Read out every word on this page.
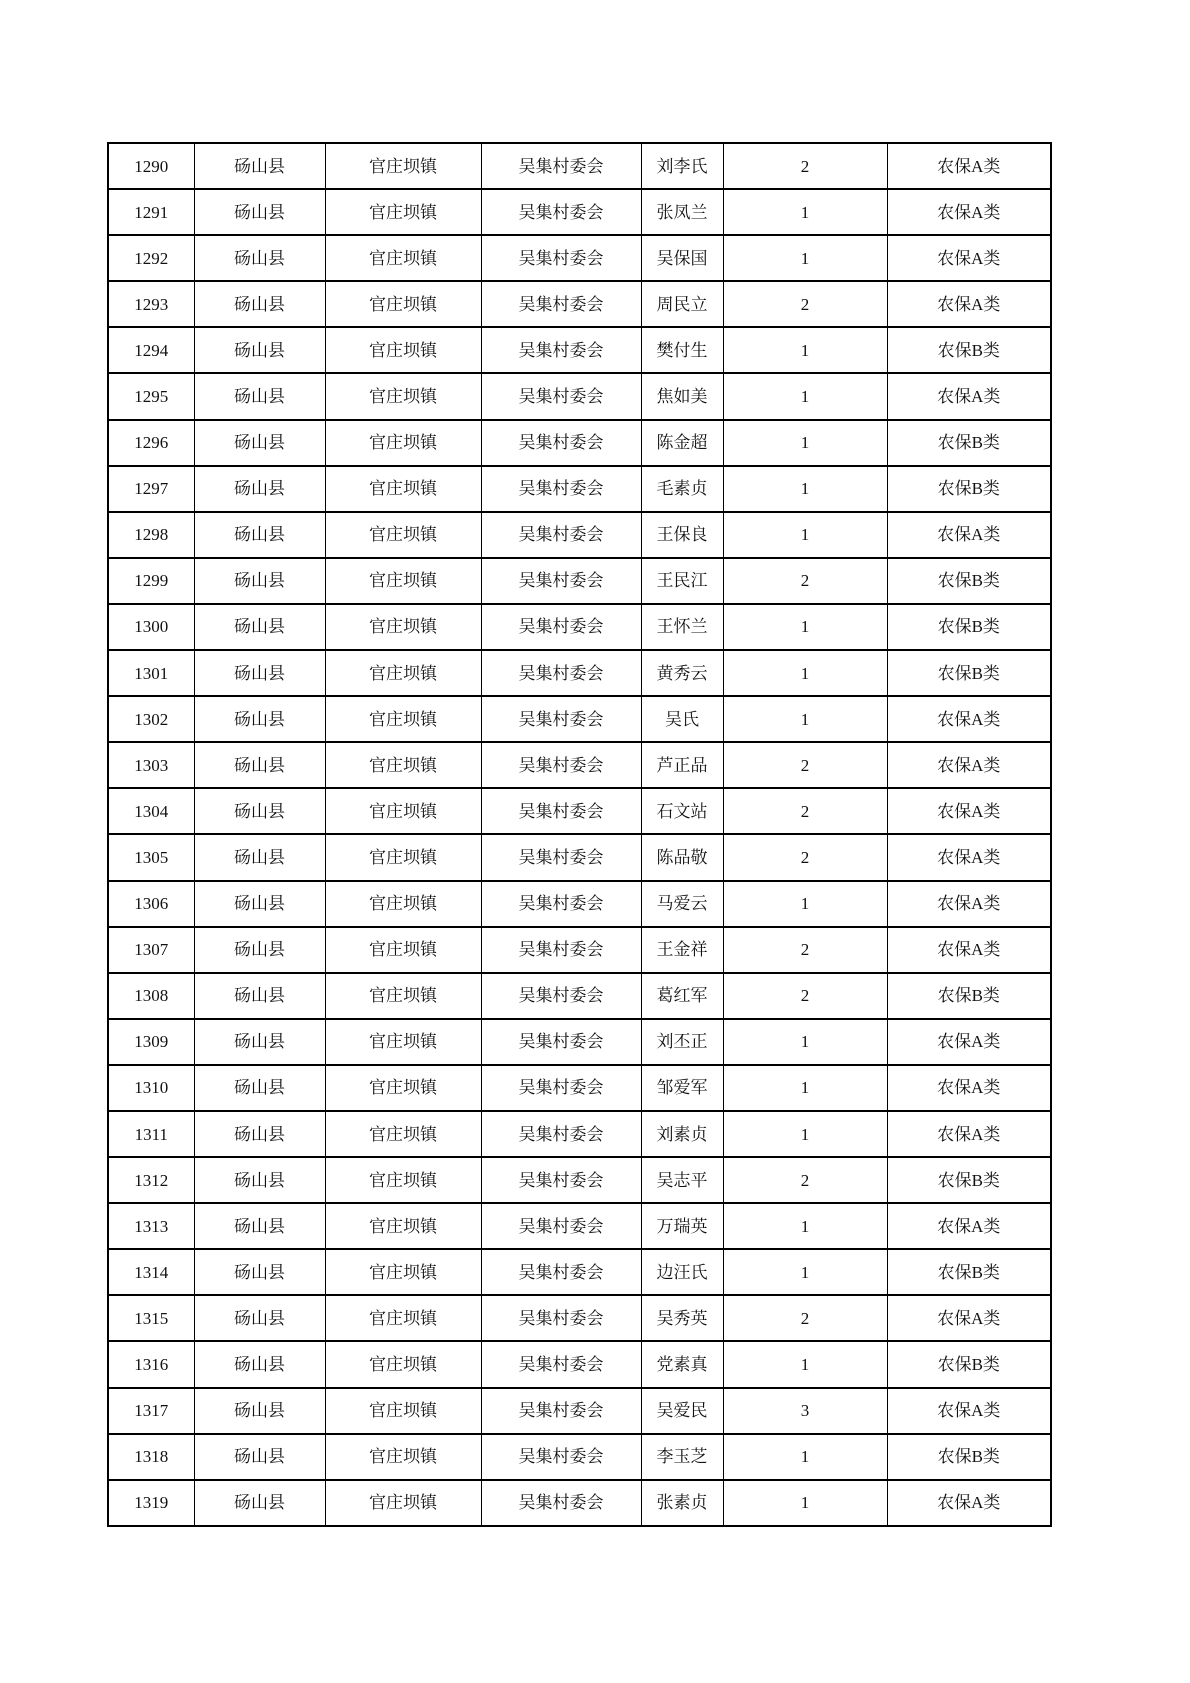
1290	砀山县	官庄坝镇	吴集村委会	刘李氏	2	农保A类
1291	砀山县	官庄坝镇	吴集村委会	张凤兰	1	农保A类
1292	砀山县	官庄坝镇	吴集村委会	吴保国	1	农保A类
1293	砀山县	官庄坝镇	吴集村委会	周民立	2	农保A类
1294	砀山县	官庄坝镇	吴集村委会	樊付生	1	农保B类
1295	砀山县	官庄坝镇	吴集村委会	焦如美	1	农保A类
1296	砀山县	官庄坝镇	吴集村委会	陈金超	1	农保B类
1297	砀山县	官庄坝镇	吴集村委会	毛素贞	1	农保B类
1298	砀山县	官庄坝镇	吴集村委会	王保良	1	农保A类
1299	砀山县	官庄坝镇	吴集村委会	王民江	2	农保B类
1300	砀山县	官庄坝镇	吴集村委会	王怀兰	1	农保B类
1301	砀山县	官庄坝镇	吴集村委会	黄秀云	1	农保B类
1302	砀山县	官庄坝镇	吴集村委会	吴氏	1	农保A类
1303	砀山县	官庄坝镇	吴集村委会	芦正品	2	农保A类
1304	砀山县	官庄坝镇	吴集村委会	石文站	2	农保A类
1305	砀山县	官庄坝镇	吴集村委会	陈品敬	2	农保A类
1306	砀山县	官庄坝镇	吴集村委会	马爱云	1	农保A类
1307	砀山县	官庄坝镇	吴集村委会	王金祥	2	农保A类
1308	砀山县	官庄坝镇	吴集村委会	葛红军	2	农保B类
1309	砀山县	官庄坝镇	吴集村委会	刘丕正	1	农保A类
1310	砀山县	官庄坝镇	吴集村委会	邹爱军	1	农保A类
1311	砀山县	官庄坝镇	吴集村委会	刘素贞	1	农保A类
1312	砀山县	官庄坝镇	吴集村委会	吴志平	2	农保B类
1313	砀山县	官庄坝镇	吴集村委会	万瑞英	1	农保A类
1314	砀山县	官庄坝镇	吴集村委会	边汪氏	1	农保B类
1315	砀山县	官庄坝镇	吴集村委会	吴秀英	2	农保A类
1316	砀山县	官庄坝镇	吴集村委会	党素真	1	农保B类
1317	砀山县	官庄坝镇	吴集村委会	吴爱民	3	农保A类
1318	砀山县	官庄坝镇	吴集村委会	李玉芝	1	农保B类
1319	砀山县	官庄坝镇	吴集村委会	张素贞	1	农保A类
